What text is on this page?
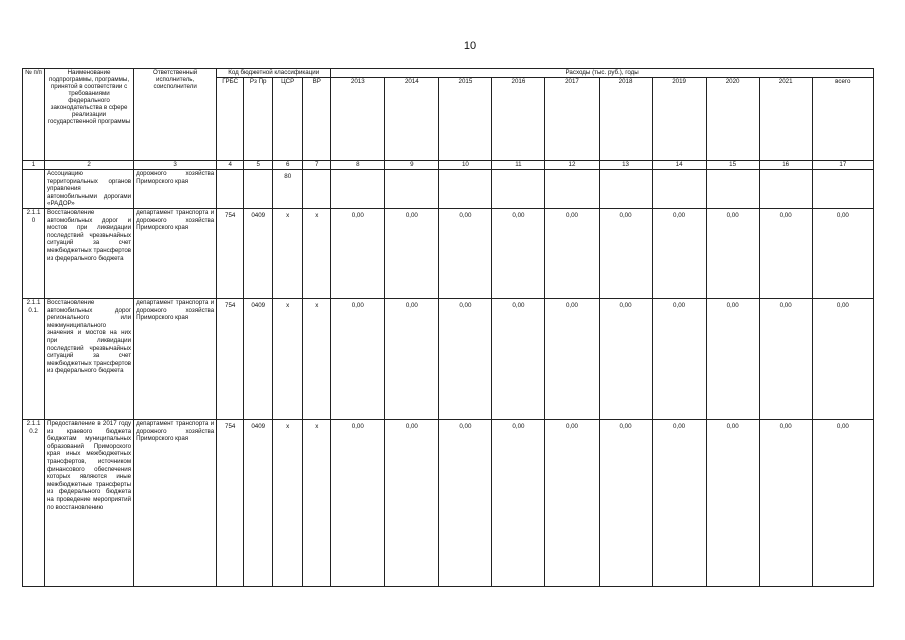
10
№ п/п	Наименование подпрограммы, программы, принятой в соответствии с требованиями федерального законодательства в сфере реализации государственной программы	Ответственный исполнитель, соисполнители	Код бюджетной классификации				Расходы (тыс. руб.), годы									
			ГРБС	Рз Пр	ЦСР	ВР	2013	2014	2015	2016	2017	2018	2019	2020	2021	всего
1	2	3	4	5	6	7	8	9	10	11	12	13	14	15	16	17
	Ассоциацию территориальных органов управления автомобильными дорогами «РАДОР»	дорожного хозяйства Приморского края			80											
2.1.1 0	Восстановление автомобильных дорог и мостов при ликвидации последствий чрезвычайных ситуаций за счет межбюджетных трансфертов из федерального бюджета	департамент транспорта и дорожного хозяйства Приморского края	754	0409	x	x	0,00	0,00	0,00	0,00	0,00	0,00	0,00	0,00	0,00	0,00
2.1.1 0.1.	Восстановление автомобильных дорог регионального или межмуниципального значения и мостов на них при ликвидации последствий чрезвычайных ситуаций за счет межбюджетных трансфертов из федерального бюджета	департамент транспорта и дорожного хозяйства Приморского края	754	0409	x	x	0,00	0,00	0,00	0,00	0,00	0,00	0,00	0,00	0,00	0,00
2.1.1 0.2	Предоставление в 2017 году из краевого бюджета бюджетам муниципальных образований Приморского края иных межбюджетных трансфертов, источником финансового обеспечения которых являются иные межбюджетные трансферты из федерального бюджета на проведение мероприятий по восстановлению	департамент транспорта и дорожного хозяйства Приморского края	754	0409	x	x	0,00	0,00	0,00	0,00	0,00	0,00	0,00	0,00	0,00	0,00
